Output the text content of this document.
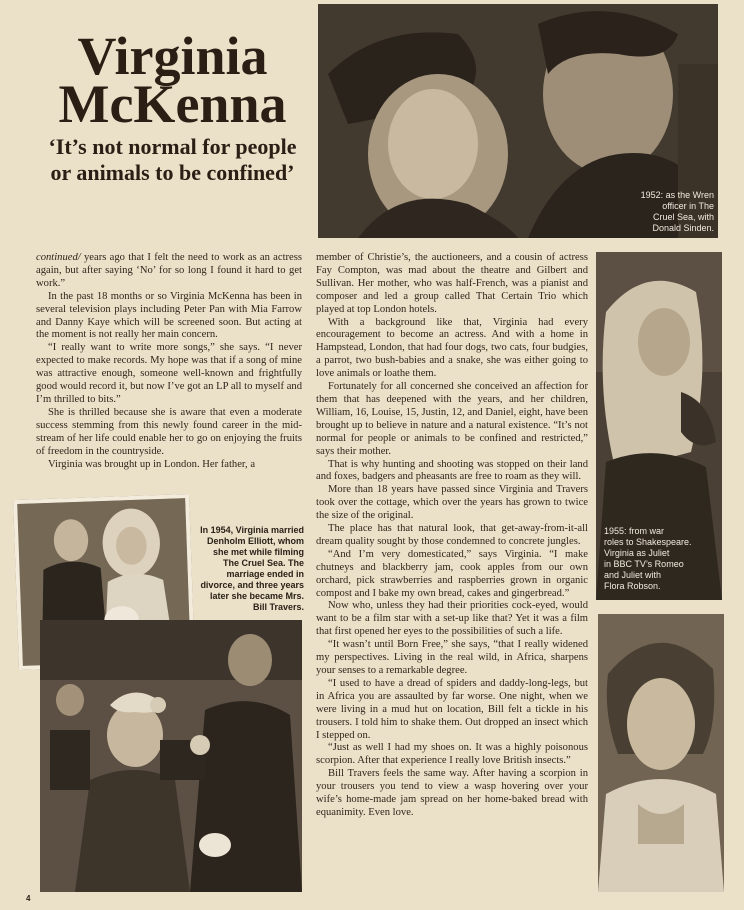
1952: as the Wren
officer in The
Cruel Sea, with
Donald Sinden.
Virginia
McKenna
‘It’s not normal for people or animals to be confined’

continued/ years ago that I felt the need to work as an actress again, but after saying ‘No’ for so long I found it hard to get work.”

In the past 18 months or so Virginia McKenna has been in several television plays including Peter Pan with Mia Farrow and Danny Kaye which will be screened soon. But acting at the moment is not really her main concern.

“I really want to write more songs,” she says. “I never expected to make records. My hope was that if a song of mine was attractive enough, someone well-known and frightfully good would record it, but now I’ve got an LP all to myself and I’m thrilled to bits.”

She is thrilled because she is aware that even a moderate success stemming from this newly found career in the mid-stream of her life could enable her to go on enjoying the fruits of freedom in the countryside.

Virginia was brought up in London. Her father, a

member of Christie’s, the auctioneers, and a cousin of actress Fay Compton, was mad about the theatre and Gilbert and Sullivan. Her mother, who was half-French, was a pianist and composer and led a group called That Certain Trio which played at top London hotels.

With a background like that, Virginia had every encouragement to become an actress. And with a home in Hampstead, London, that had four dogs, two cats, four budgies, a parrot, two bush-babies and a snake, she was either going to love animals or loathe them.

Fortunately for all concerned she conceived an affection for them that has deepened with the years, and her children, William, 16, Louise, 15, Justin, 12, and Daniel, eight, have been brought up to believe in nature and a natural existence. “It’s not normal for people or animals to be confined and restricted,” says their mother.

That is why hunting and shooting was stopped on their land and foxes, badgers and pheasants are free to roam as they will.

More than 18 years have passed since Virginia and Travers took over the cottage, which over the years has grown to twice the size of the original.

The place has that natural look, that get-away-from-it-all dream quality sought by those condemned to concrete jungles.

“And I’m very domesticated,” says Virginia. “I make chutneys and blackberry jam, cook apples from our own orchard, pick strawberries and raspberries grown in organic compost and I bake my own bread, cakes and gingerbread.”

Now who, unless they had their priorities cock-eyed, would want to be a film star with a set-up like that? Yet it was a film that first opened her eyes to the possibilities of such a life.

“It wasn’t until Born Free,” she says, “that I really widened my perspectives. Living in the real wild, in Africa, sharpens your senses to a remarkable degree.

“I used to have a dread of spiders and daddy-long-legs, but in Africa you are assaulted by far worse. One night, when we were living in a mud hut on location, Bill felt a tickle in his trousers. I told him to shake them. Out dropped an insect which I stepped on.

“Just as well I had my shoes on. It was a highly poisonous scorpion. After that experience I really love British insects.”

Bill Travers feels the same way. After having a scorpion in your trousers you tend to view a wasp hovering over your wife’s home-made jam spread on her home-baked bread with equanimity. Even love.

In 1954, Virginia married Denholm Elliott, whom she met while filming The Cruel Sea. The marriage ended in divorce, and three years later she became Mrs. Bill Travers.
1955: from war
roles to Shakespeare.
Virginia as Juliet
in BBC TV’s Romeo
and Juliet with
Flora Robson.
4
